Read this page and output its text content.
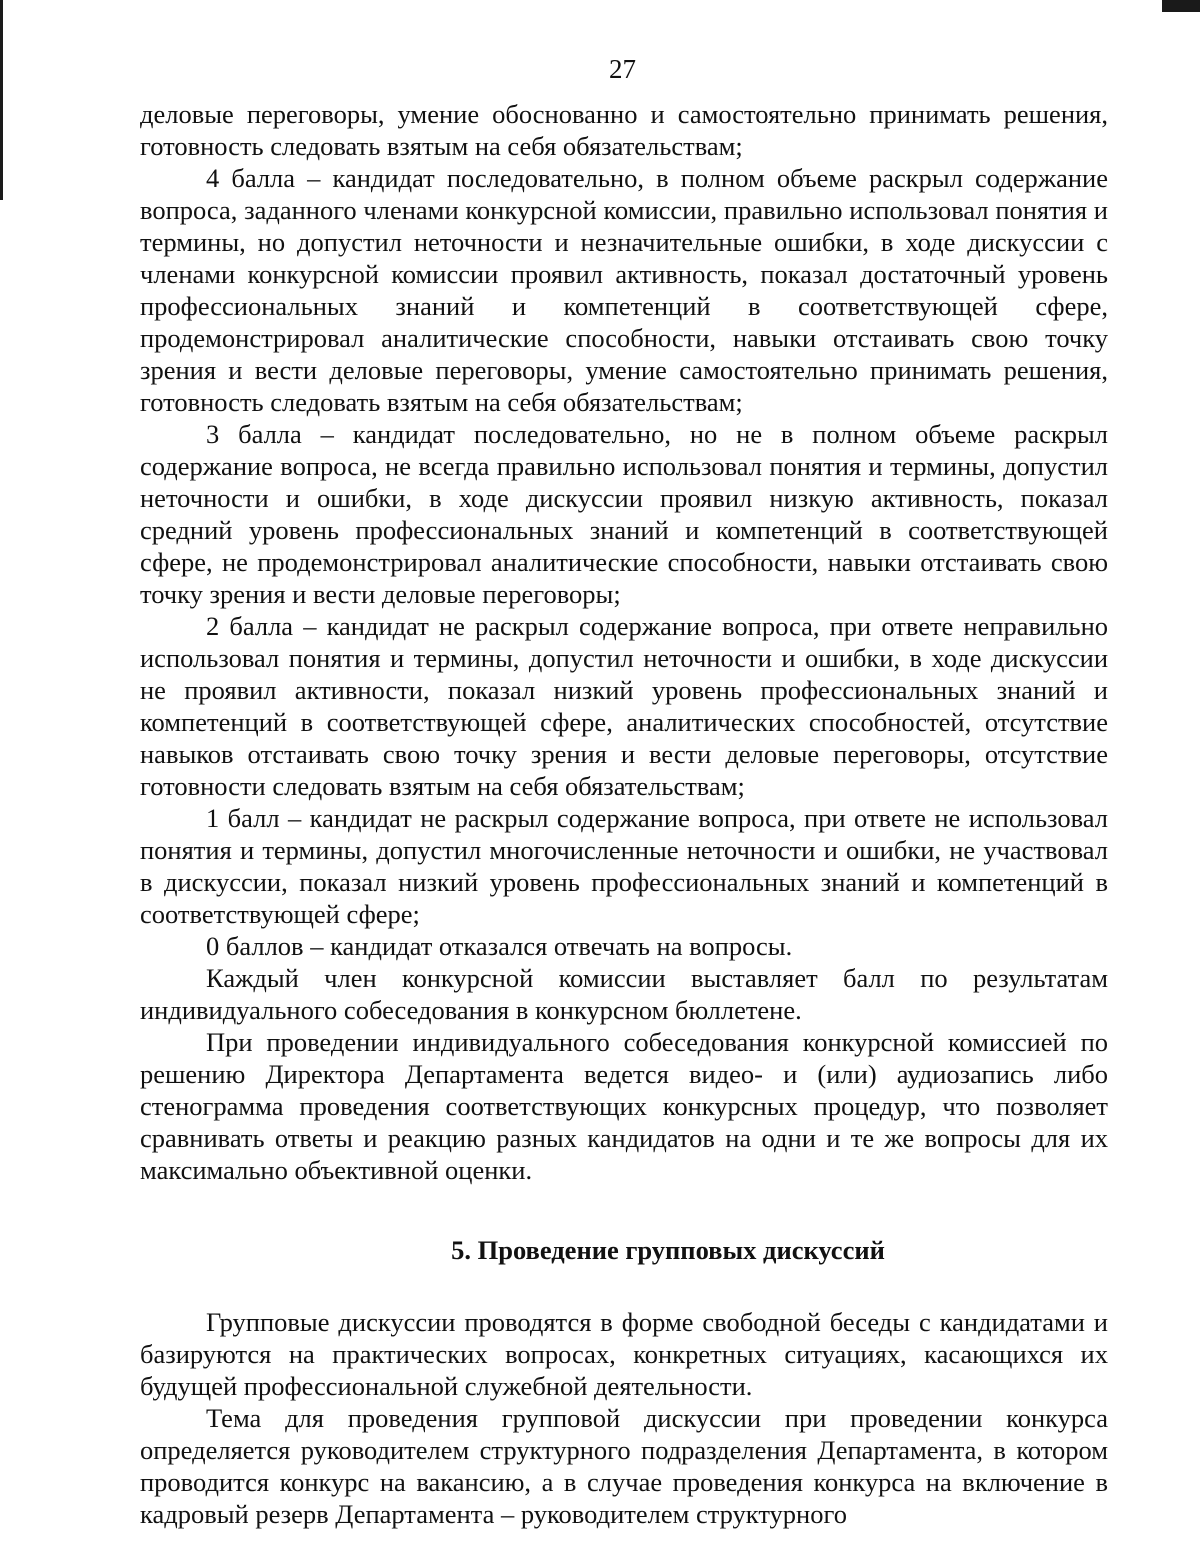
27

деловые переговоры, умение обоснованно и самостоятельно принимать решения, готовность следовать взятым на себя обязательствам;

4 балла – кандидат последовательно, в полном объеме раскрыл содержание вопроса, заданного членами конкурсной комиссии, правильно использовал понятия и термины, но допустил неточности и незначительные ошибки, в ходе дискуссии с членами конкурсной комиссии проявил активность, показал достаточный уровень профессиональных знаний и компетенций в соответствующей сфере, продемонстрировал аналитические способности, навыки отстаивать свою точку зрения и вести деловые переговоры, умение самостоятельно принимать решения, готовность следовать взятым на себя обязательствам;

3 балла – кандидат последовательно, но не в полном объеме раскрыл содержание вопроса, не всегда правильно использовал понятия и термины, допустил неточности и ошибки, в ходе дискуссии проявил низкую активность, показал средний уровень профессиональных знаний и компетенций в соответствующей сфере, не продемонстрировал аналитические способности, навыки отстаивать свою точку зрения и вести деловые переговоры;

2 балла – кандидат не раскрыл содержание вопроса, при ответе неправильно использовал понятия и термины, допустил неточности и ошибки, в ходе дискуссии не проявил активности, показал низкий уровень профессиональных знаний и компетенций в соответствующей сфере, аналитических способностей, отсутствие навыков отстаивать свою точку зрения и вести деловые переговоры, отсутствие готовности следовать взятым на себя обязательствам;

1 балл – кандидат не раскрыл содержание вопроса, при ответе не использовал понятия и термины, допустил многочисленные неточности и ошибки, не участвовал в дискуссии, показал низкий уровень профессиональных знаний и компетенций в соответствующей сфере;

0 баллов – кандидат отказался отвечать на вопросы.

Каждый член конкурсной комиссии выставляет балл по результатам индивидуального собеседования в конкурсном бюллетене.

При проведении индивидуального собеседования конкурсной комиссией по решению Директора Департамента ведется видео- и (или) аудиозапись либо стенограмма проведения соответствующих конкурсных процедур, что позволяет сравнивать ответы и реакцию разных кандидатов на одни и те же вопросы для их максимально объективной оценки.

5. Проведение групповых дискуссий

Групповые дискуссии проводятся в форме свободной беседы с кандидатами и базируются на практических вопросах, конкретных ситуациях, касающихся их будущей профессиональной служебной деятельности.

Тема для проведения групповой дискуссии при проведении конкурса определяется руководителем структурного подразделения Департамента, в котором проводится конкурс на вакансию, а в случае проведения конкурса на включение в кадровый резерв Департамента – руководителем структурного
